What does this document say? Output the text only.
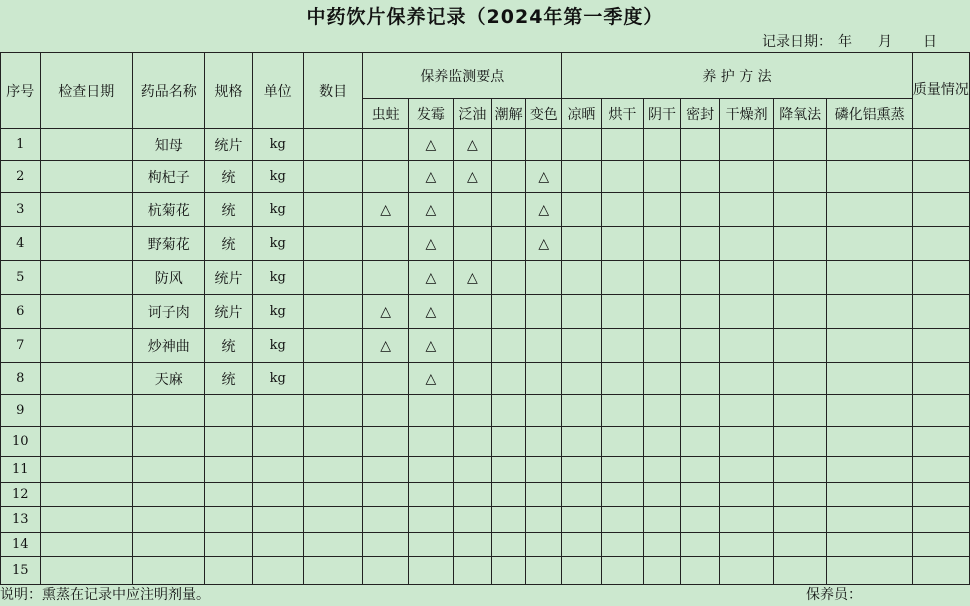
中药饮片保养记录（2024年第一季度）
记录日期： 年 月 日
序号	检查日期	药品名称	规格	单位	数目	保养监测要点					养 护 方 法							质量情况
						虫蛀	发霉	泛油	潮解	变色	凉晒	烘干	阴干	密封	干燥剂	降氧法	磷化铝熏蒸	
1		知母	统片	kg			△	△										
2		枸杞子	统	kg			△	△		△								
3		杭菊花	统	kg		△	△			△								
4		野菊花	统	kg			△			△								
5		防风	统片	kg			△	△										
6		诃子肉	统片	kg		△	△											
7		炒神曲	统	kg		△	△											
8		天麻	统	kg			△											
9																		
10																		
11																		
12																		
13																		
14																		
15																		
说明：熏蒸在记录中应注明剂量。	保养员：
